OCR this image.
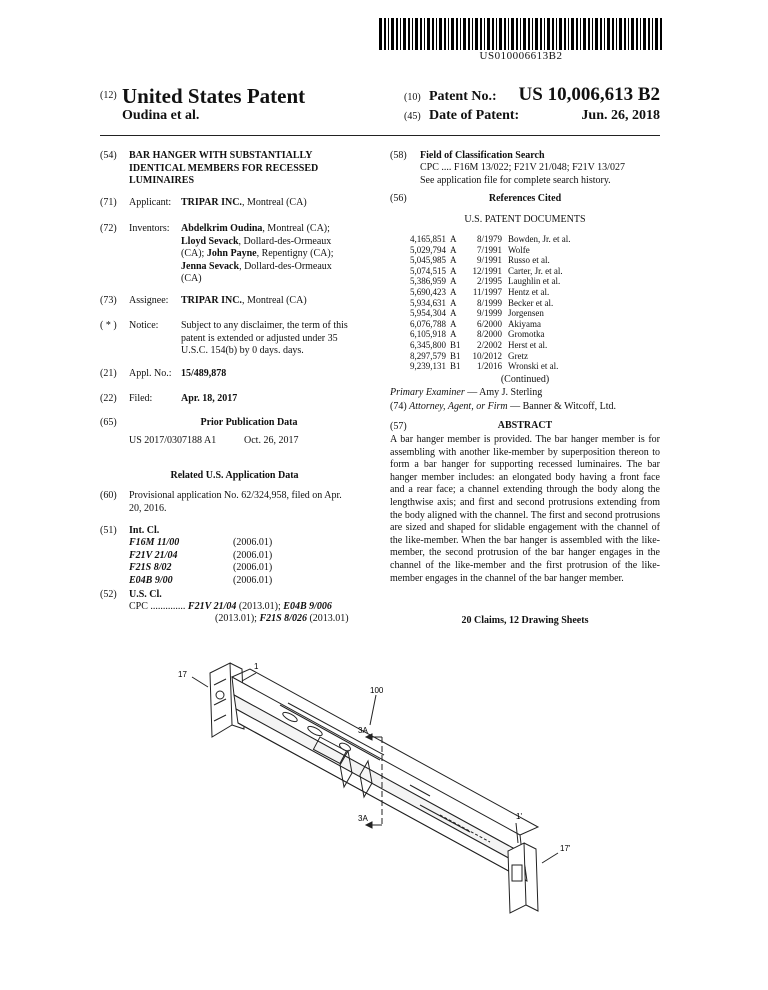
US010006613B2
(12) United States Patent
Oudina et al.
(10) Patent No.:	US 10,006,613 B2
(45) Date of Patent:	Jun. 26, 2018
(54) BAR HANGER WITH SUBSTANTIALLY
IDENTICAL MEMBERS FOR RECESSED
LUMINAIRES
(71) Applicant: TRIPAR INC., Montreal (CA)
(72) Inventors: Abdelkrim Oudina, Montreal (CA);
Lloyd Sevack, Dollard-des-Ormeaux
(CA); John Payne, Repentigny (CA);
Jenna Sevack, Dollard-des-Ormeaux
(CA)
(73) Assignee: TRIPAR INC., Montreal (CA)
( * ) Notice: Subject to any disclaimer, the term of this
patent is extended or adjusted under 35
U.S.C. 154(b) by 0 days. days.
(21) Appl. No.: 15/489,878
(22) Filed:	Apr. 18, 2017
(65)	Prior Publication Data
US 2017/0307188 A1	Oct. 26, 2017
Related U.S. Application Data
(60) Provisional application No. 62/324,958, filed on Apr.
20, 2016.
(51) Int. Cl.
F16M 11/00	(2006.01)
F21V 21/04	(2006.01)
F21S 8/02	(2006.01)
E04B 9/00	(2006.01)
(52) U.S. Cl.
CPC .............. F21V 21/04 (2013.01); E04B 9/006
(2013.01); F21S 8/026 (2013.01)
(58) Field of Classification Search
CPC .... F16M 13/022; F21V 21/048; F21V 13/027
See application file for complete search history.
(56)	References Cited
U.S. PATENT DOCUMENTS
4,165,851	A	8/1979	Bowden, Jr. et al.
5,029,794	A	7/1991	Wolfe
5,045,985	A	9/1991	Russo et al.
5,074,515	A	12/1991	Carter, Jr. et al.
5,386,959	A	2/1995	Laughlin et al.
5,690,423	A	11/1997	Hentz et al.
5,934,631	A	8/1999	Becker et al.
5,954,304	A	9/1999	Jorgensen
6,076,788	A	6/2000	Akiyama
6,105,918	A	8/2000	Gromotka
6,345,800	B1	2/2002	Herst et al.
8,297,579	B1	10/2012	Gretz
9,239,131	B1	1/2016	Wronski et al.
(Continued)
Primary Examiner — Amy J. Sterling
(74) Attorney, Agent, or Firm — Banner & Witcoff, Ltd.
(57)	ABSTRACT
A bar hanger member is provided. The bar hanger member is for assembling with another like-member by superposition thereon to form a bar hanger for supporting recessed luminaires. The bar hanger member includes: an elongated body having a front face and a rear face; a channel extending through the body along the lengthwise axis; and first and second protrusions extending from the body aligned with the channel. The first and second protrusions are sized and shaped for slidable engagement with the channel of the like-member. When the bar hanger is assembled with the like-member, the second protrusion of the bar hanger engages in the channel of the like-member and the first protrusion of the like-member engages in the channel of the bar hanger member.
20 Claims, 12 Drawing Sheets
17
1
100
3A
3A	1'
17'
